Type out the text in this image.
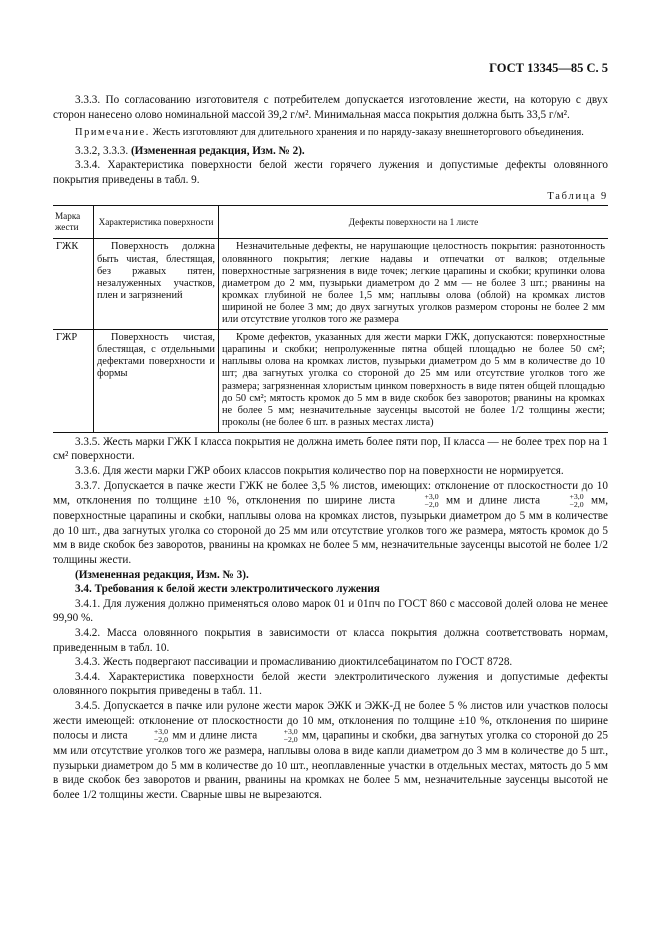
ГОСТ 13345—85 С. 5

3.3.3. По согласованию изготовителя с потребителем допускается изготовление жести, на которую с двух сторон нанесено олово номинальной массой 39,2 г/м². Минимальная масса покрытия должна быть 33,5 г/м².

Примечание. Жесть изготовляют для длительного хранения и по наряду-заказу внешнеторгового объединения.

3.3.2, 3.3.3. (Измененная редакция, Изм. № 2).

3.3.4. Характеристика поверхности белой жести горячего лужения и допустимые дефекты оловянного покрытия приведены в табл. 9.

Таблица 9
Марка жести	Характеристика поверхности	Дефекты поверхности на 1 листе
ГЖК	Поверхность должна быть чистая, блестящая, без ржавых пятен, незалуженных участков, плен и загрязнений	Незначительные дефекты, не нарушающие целостность покрытия: разнотонность оловянного покрытия; легкие надавы и отпечатки от валков; отдельные поверхностные загрязнения в виде точек; легкие царапины и скобки; крупинки олова диаметром до 2 мм, пузырьки диаметром до 2 мм — не более 3 шт.; рванины на кромках глубиной не более 1,5 мм; наплывы олова (облой) на кромках листов шириной не более 3 мм; до двух загнутых уголков размером стороны не более 2 мм или отсутствие уголков того же размера
ГЖР	Поверхность чистая, блестящая, с отдельными дефектами поверхности и формы	Кроме дефектов, указанных для жести марки ГЖК, допускаются: поверхностные царапины и скобки; непролуженные пятна общей площадью не более 50 см²; наплывы олова на кромках листов, пузырьки диаметром до 5 мм в количестве до 10 шт; два загнутых уголка со стороной до 25 мм или отсутствие уголков того же размера; загрязненная хлористым цинком поверхность в виде пятен общей площадью до 50 см²; мятость кромок до 5 мм в виде скобок без заворотов; рванины на кромках не более 5 мм; незначительные заусенцы высотой не более 1/2 толщины жести; проколы (не более 6 шт. в разных местах листа)

3.3.5. Жесть марки ГЖК I класса покрытия не должна иметь более пяти пор, II класса — не более трех пор на 1 см² поверхности.

3.3.6. Для жести марки ГЖР обоих классов покрытия количество пор на поверхности не нормируется.

3.3.7. Допускается в пачке жести ГЖК не более 3,5 % листов, имеющих: отклонение от плоскостности до 10 мм, отклонения по толщине ±10 %, отклонения по ширине листа	+3,0
−2,0 мм и длине листа	+3,0
−2,0 мм, поверхностные царапины и скобки, наплывы олова на кромках листов, пузырьки диаметром до 5 мм в количестве до 10 шт., два загнутых уголка со стороной до 25 мм или отсутствие уголков того же размера, мятость кромок до 5 мм в виде скобок без заворотов, рванины на кромках не более 5 мм, незначительные заусенцы высотой не более 1/2 толщины жести.

(Измененная редакция, Изм. № 3).

3.4. Требования к белой жести электролитического лужения

3.4.1. Для лужения должно применяться олово марок 01 и 01пч по ГОСТ 860 с массовой долей олова не менее 99,90 %.

3.4.2. Масса оловянного покрытия в зависимости от класса покрытия должна соответствовать нормам, приведенным в табл. 10.

3.4.3. Жесть подвергают пассивации и промасливанию диоктилсебацинатом по ГОСТ 8728.

3.4.4. Характеристика поверхности белой жести электролитического лужения и допустимые дефекты оловянного покрытия приведены в табл. 11.

3.4.5. Допускается в пачке или рулоне жести марок ЭЖК и ЭЖК-Д не более 5 % листов или участков полосы жести имеющей: отклонение от плоскостности до 10 мм, отклонения по толщине ±10 %, отклонения по ширине полосы и листа	+3,0
−2,0 мм и длине листа	+3,0
−2,0 мм, царапины и скобки, два загнутых уголка со стороной до 25 мм или отсутствие уголков того же размера, наплывы олова в виде капли диаметром до 3 мм в количестве до 5 шт., пузырьки диаметром до 5 мм в количестве до 10 шт., неоплавленные участки в отдельных местах, мятость до 5 мм в виде скобок без заворотов и рванин, рванины на кромках не более 5 мм, незначительные заусенцы высотой не более 1/2 толщины жести. Сварные швы не вырезаются.
